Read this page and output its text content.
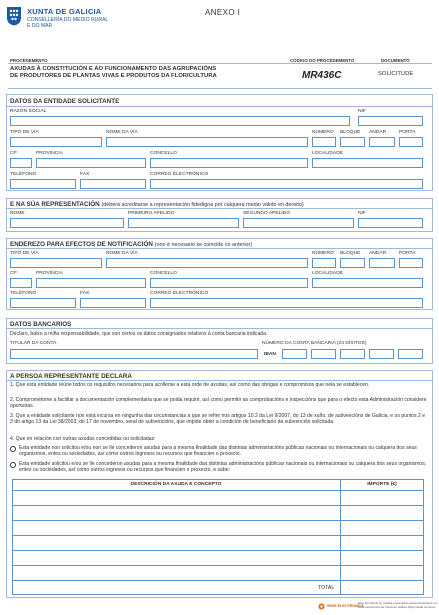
XUNTA DE GALICIA
CONSELLERÍA DO MEDIO RURAL
E DO MAR
ANEXO I
PROCEDEMENTO	CÓDIGO DO PROCEDEMENTO	DOCUMENTO
AXUDAS Á CONSTITUCIÓN E AO FUNCIONAMENTO DAS AGRUPACIÓNS
DE PRODUTORES DE PLANTAS VIVAS E PRODUTOS DA FLORICULTURA	MR436C	SOLICITUDE
DATOS DA ENTIDADE SOLICITANTE
RAZÓN SOCIAL	NIF
TIPO DE VÍA	NOME DA VÍA	NÚMERO BLOQUE ANDAR	PORTA
CP	PROVINCIA	CONCELLO	LOCALIDADE
TELÉFONO	FAX	CORREO ELECTRÓNICO
E NA SÚA REPRESENTACIÓN (deberá acreditarse a representación fidedigna por calquera medio válido en dereito)
NOME	PRIMEIRO APELIDO	SEGUNDO APELIDO	NIF
ENDEREZO PARA EFECTOS DE NOTIFICACIÓN (non é necesario se coincide co anterior)
TIPO DE VÍA	NOME DA VÍA	NÚMERO BLOQUE ANDAR	PORTA
CP	PROVINCIA	CONCELLO	LOCALIDADE
TELÉFONO	FAX	CORREO ELECTRÓNICO
DATOS BANCARIOS
Declaro, baixo a miña responsabilidade, que son certos os datos consignados relativos á conta bancaria indicada.
TITULAR DA CONTA	NÚMERO DA CONTA BANCARIA (24 DÍXITOS)
IBAN
A PERSOA REPRESENTANTE DECLARA
1. Que esta entidade reúne todos os requisitos necesarios para acollerse a esta orde de axudas, así como das obrigas e compromisos que nela se establecen.
2. Comprométome a facilitar a documentación complementaria que se poida requirir, así como permitir as comprobacións e inspeccións que para o efecto esta Administración considere oportunas.
3. Que a entidade solicitante non está incursa en ningunha das circunstancias a que se refire nos artigos 10.2 da Lei 9/2007, do 13 de xuño, de subvencións de Galicia, e os puntos 2 e 3 do artigo 13 da Lei 38/2003, do 17 de novembro, xeral de subvencións, que impide obter a condición de beneficiario da subvención solicitada.
4. Que en relación con outras axudas concedidas ou solicitadas:
Esta entidade non solicitou e/ou non se lle concederon axudas para a mesma finalidade das distintas administracións públicas nacionais ou internacionais ou calquera dos seus organismos, entes ou sociedades, así como outros ingresos ou recursos que financien o proxecto.
Esta entidade solicitou e/ou se lle concederon axudas para a mesma finalidade das distintas administracións públicas nacionais ou internacionais ou calquera dos seus organismos, entes ou sociedades, así como outros ingresos ou recursos que financien o proxecto, e sabe:
DESCRICIÓN DA AXUDA E CONCEPTO	IMPORTE (€)
TOTAL
SEDE ELECTRÓNICA
Este formulario só poderá presentarse electronicamente na sede electrónica da Xunta de Galicia https://sede.xunta.es
